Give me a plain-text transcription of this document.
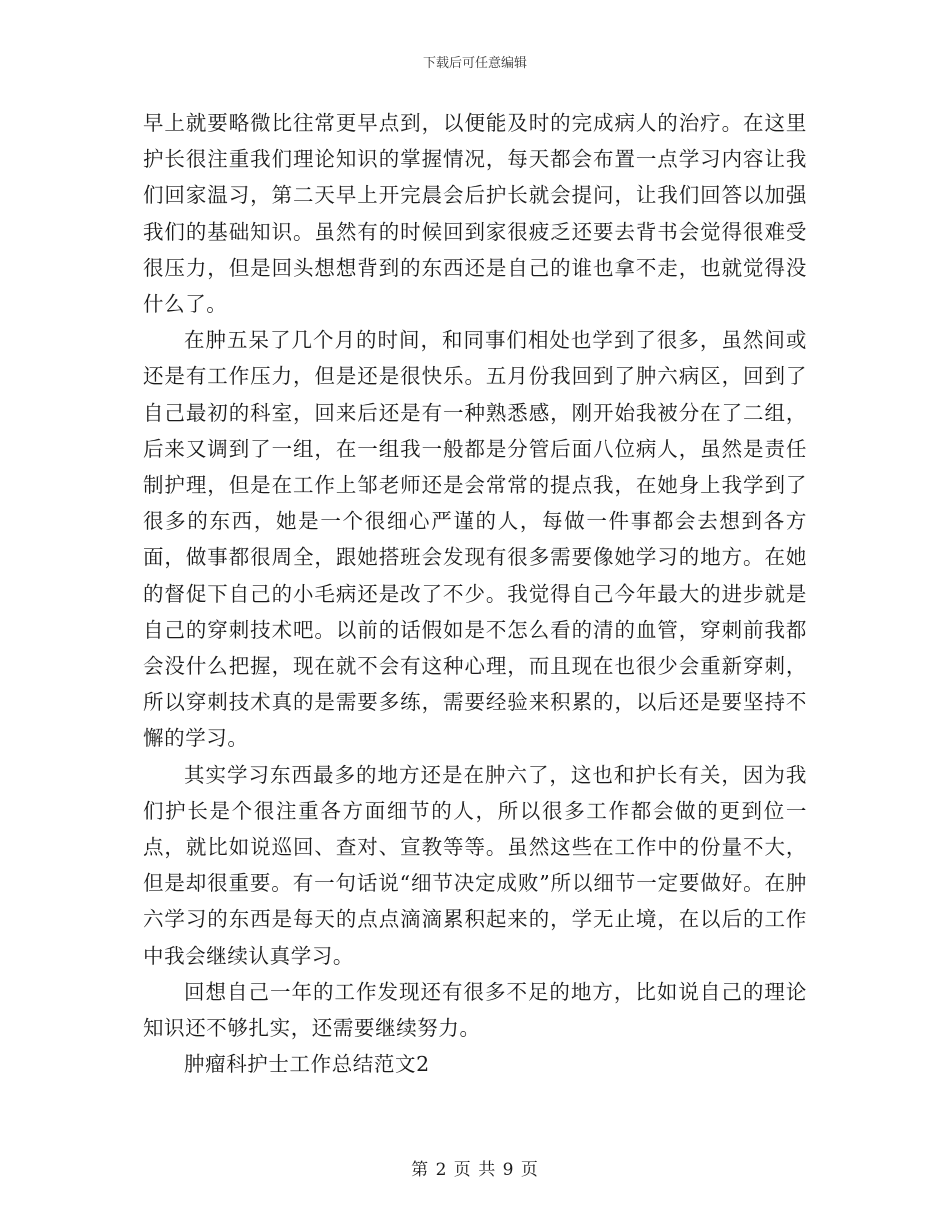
下载后可任意编辑

早上就要略微比往常更早点到，以便能及时的完成病人的治疗。在这里护长很注重我们理论知识的掌握情况，每天都会布置一点学习内容让我们回家温习，第二天早上开完晨会后护长就会提问，让我们回答以加强我们的基础知识。虽然有的时候回到家很疲乏还要去背书会觉得很难受很压力，但是回头想想背到的东西还是自己的谁也拿不走，也就觉得没什么了。

在肿五呆了几个月的时间，和同事们相处也学到了很多，虽然间或还是有工作压力，但是还是很快乐。五月份我回到了肿六病区，回到了自己最初的科室，回来后还是有一种熟悉感，刚开始我被分在了二组，后来又调到了一组，在一组我一般都是分管后面八位病人，虽然是责任制护理，但是在工作上邹老师还是会常常的提点我，在她身上我学到了很多的东西，她是一个很细心严谨的人，每做一件事都会去想到各方面，做事都很周全，跟她搭班会发现有很多需要像她学习的地方。在她的督促下自己的小毛病还是改了不少。我觉得自己今年最大的进步就是自己的穿刺技术吧。以前的话假如是不怎么看的清的血管，穿刺前我都会没什么把握，现在就不会有这种心理，而且现在也很少会重新穿刺，所以穿刺技术真的是需要多练，需要经验来积累的，以后还是要坚持不懈的学习。

其实学习东西最多的地方还是在肿六了，这也和护长有关，因为我们护长是个很注重各方面细节的人，所以很多工作都会做的更到位一点，就比如说巡回、查对、宣教等等。虽然这些在工作中的份量不大，但是却很重要。有一句话说“细节决定成败”所以细节一定要做好。在肿六学习的东西是每天的点点滴滴累积起来的，学无止境，在以后的工作中我会继续认真学习。

回想自己一年的工作发现还有很多不足的地方，比如说自己的理论知识还不够扎实，还需要继续努力。

肿瘤科护士工作总结范文2

第 2 页 共 9 页
